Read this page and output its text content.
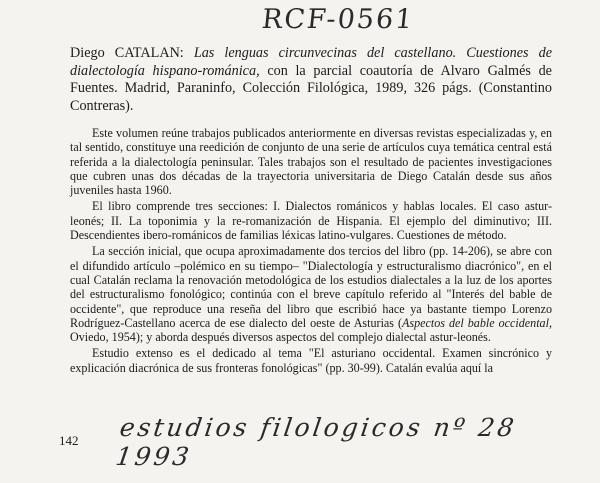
RCF-0561
Diego CATALAN: Las lenguas circunvecinas del castellano. Cuestiones de dialectología hispano-románica, con la parcial coautoría de Alvaro Galmés de Fuentes. Madrid, Paraninfo, Colección Filológica, 1989, 326 págs. (Constantino Contreras).

Este volumen reúne trabajos publicados anteriormente en diversas revistas especializadas y, en tal sentido, constituye una reedición de conjunto de una serie de artículos cuya temática central está referida a la dialectología peninsular. Tales trabajos son el resultado de pacientes investigaciones que cubren unas dos décadas de la trayectoria universitaria de Diego Catalán desde sus años juveniles hasta 1960.

El libro comprende tres secciones: I. Dialectos románicos y hablas locales. El caso astur-leonés; II. La toponimia y la re-romanización de Hispania. El ejemplo del diminutivo; III. Descendientes ibero-románicos de familias léxicas latino-vulgares. Cuestiones de método.

La sección inicial, que ocupa aproximadamente dos tercios del libro (pp. 14-206), se abre con el difundido artículo –polémico en su tiempo– "Dialectología y estructuralismo diacrónico", en el cual Catalán reclama la renovación metodológica de los estudios dialectales a la luz de los aportes del estructuralismo fonológico; continúa con el breve capítulo referido al "Interés del bable de occidente", que reproduce una reseña del libro que escribió hace ya bastante tiempo Lorenzo Rodríguez-Castellano acerca de ese dialecto del oeste de Asturias (Aspectos del bable occidental, Oviedo, 1954); y aborda después diversos aspectos del complejo dialectal astur-leonés.

Estudio extenso es el dedicado al tema "El asturiano occidental. Examen sincrónico y explicación diacrónica de sus fronteras fonológicas" (pp. 30-99). Catalán evalúa aquí la

142 estudios filologicos nº 28 1993
